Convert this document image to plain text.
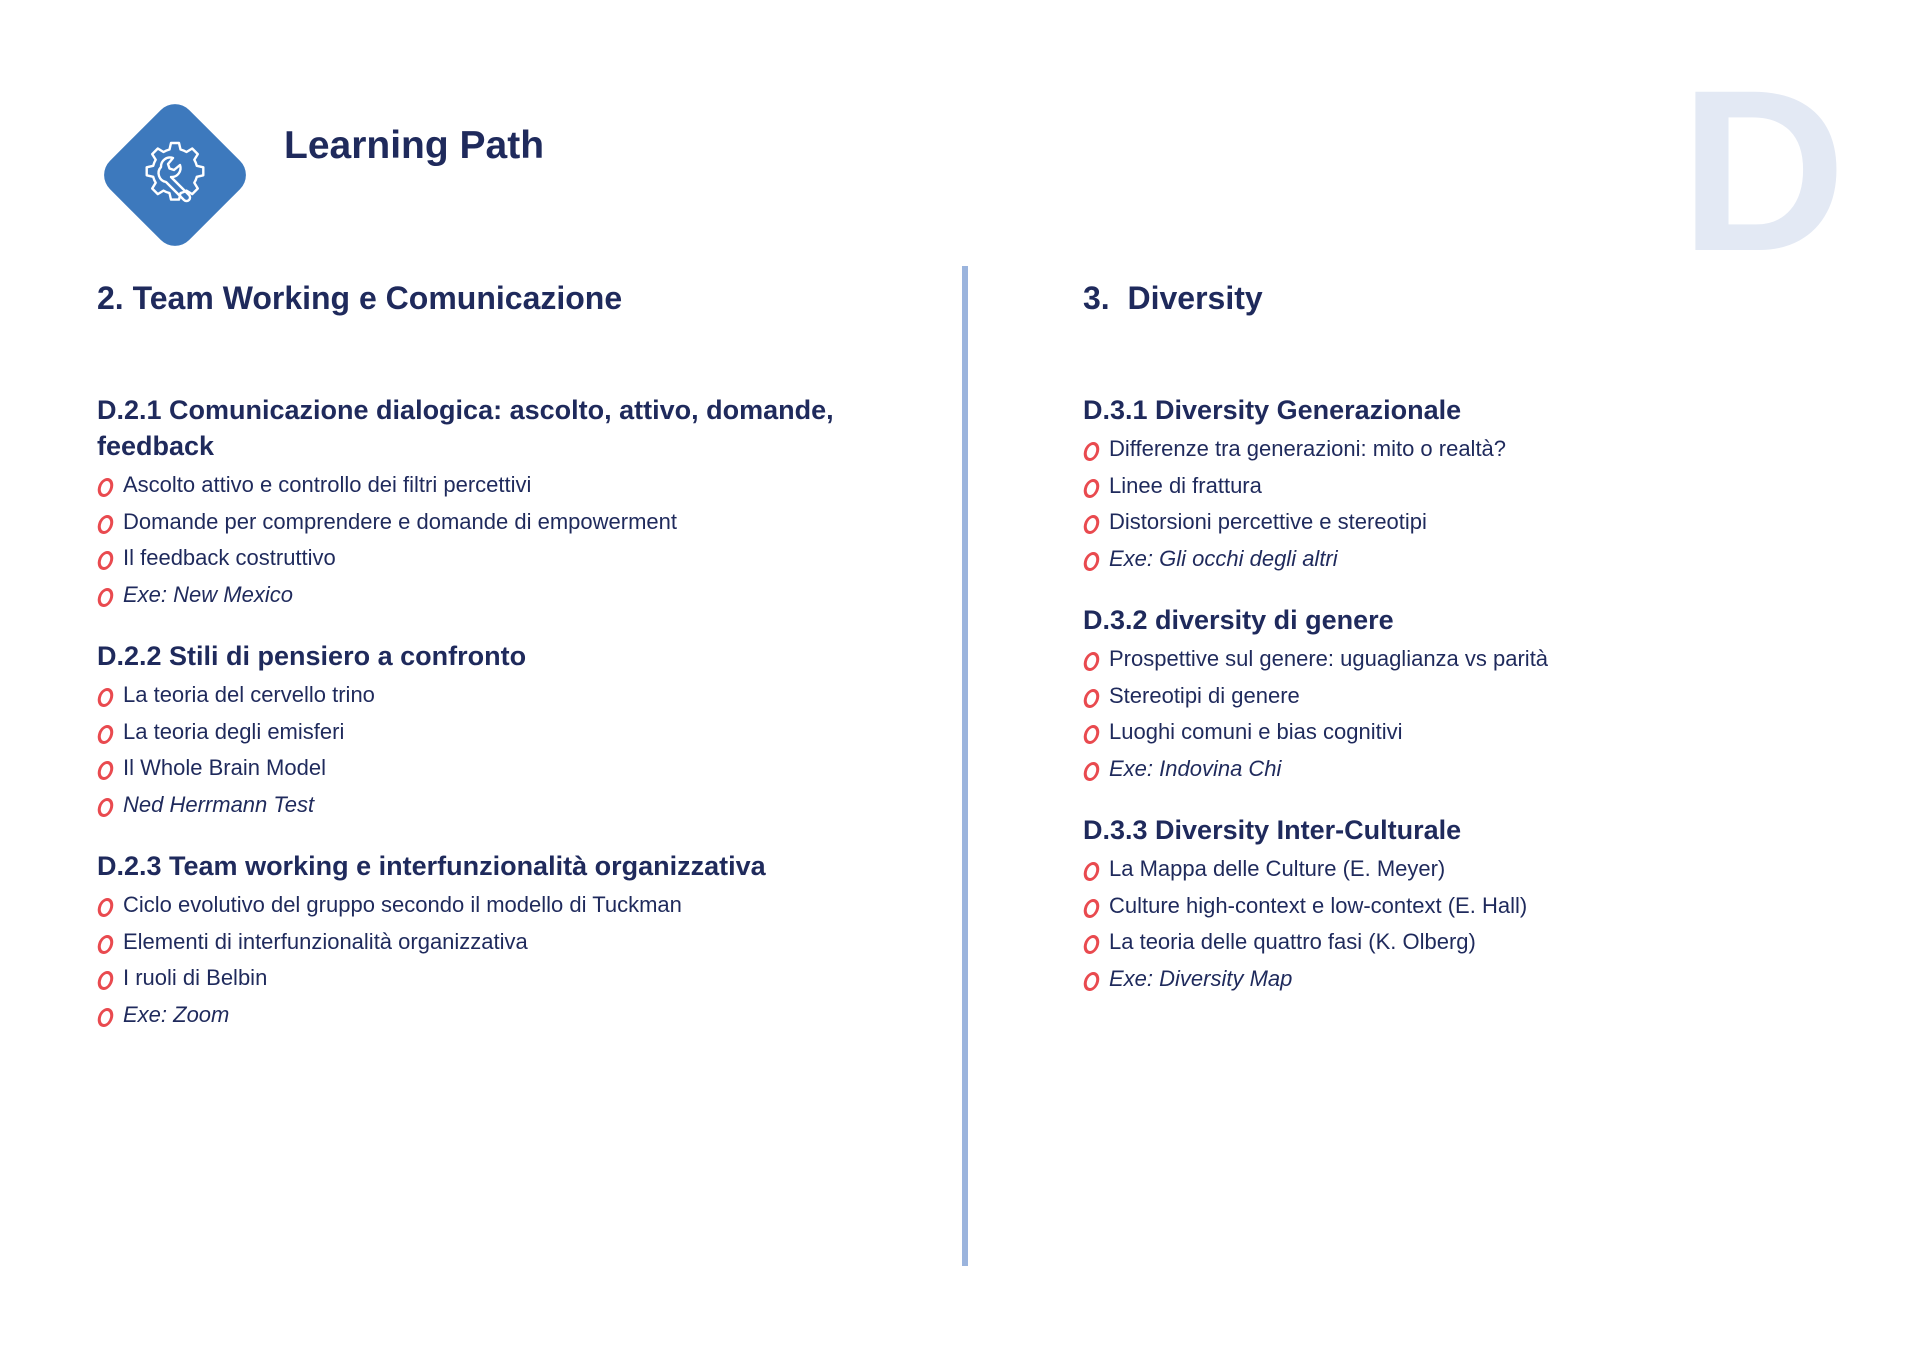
Learning Path	D
2. Team Working e Comunicazione
D.2.1 Comunicazione dialogica: ascolto, attivo, domande, feedback
Ascolto attivo e controllo dei filtri percettivi
Domande per comprendere e domande di empowerment
Il feedback costruttivo
Exe: New Mexico
D.2.2 Stili di pensiero a confronto
La teoria del cervello trino
La teoria degli emisferi
Il Whole Brain Model
Ned Herrmann Test
D.2.3 Team working e interfunzionalità organizzativa
Ciclo evolutivo del gruppo secondo il modello di Tuckman
Elementi di interfunzionalità organizzativa
I ruoli di Belbin
Exe: Zoom
3.  Diversity
D.3.1 Diversity Generazionale
Differenze tra generazioni: mito o realtà?
Linee di frattura
Distorsioni percettive e stereotipi
Exe: Gli occhi degli altri
D.3.2 diversity di genere
Prospettive sul genere: uguaglianza vs parità
Stereotipi di genere
Luoghi comuni e bias cognitivi
Exe: Indovina Chi
D.3.3 Diversity Inter-Culturale
La Mappa delle Culture (E. Meyer)
Culture high-context e low-context (E. Hall)
La teoria delle quattro fasi (K. Olberg)
Exe: Diversity Map
